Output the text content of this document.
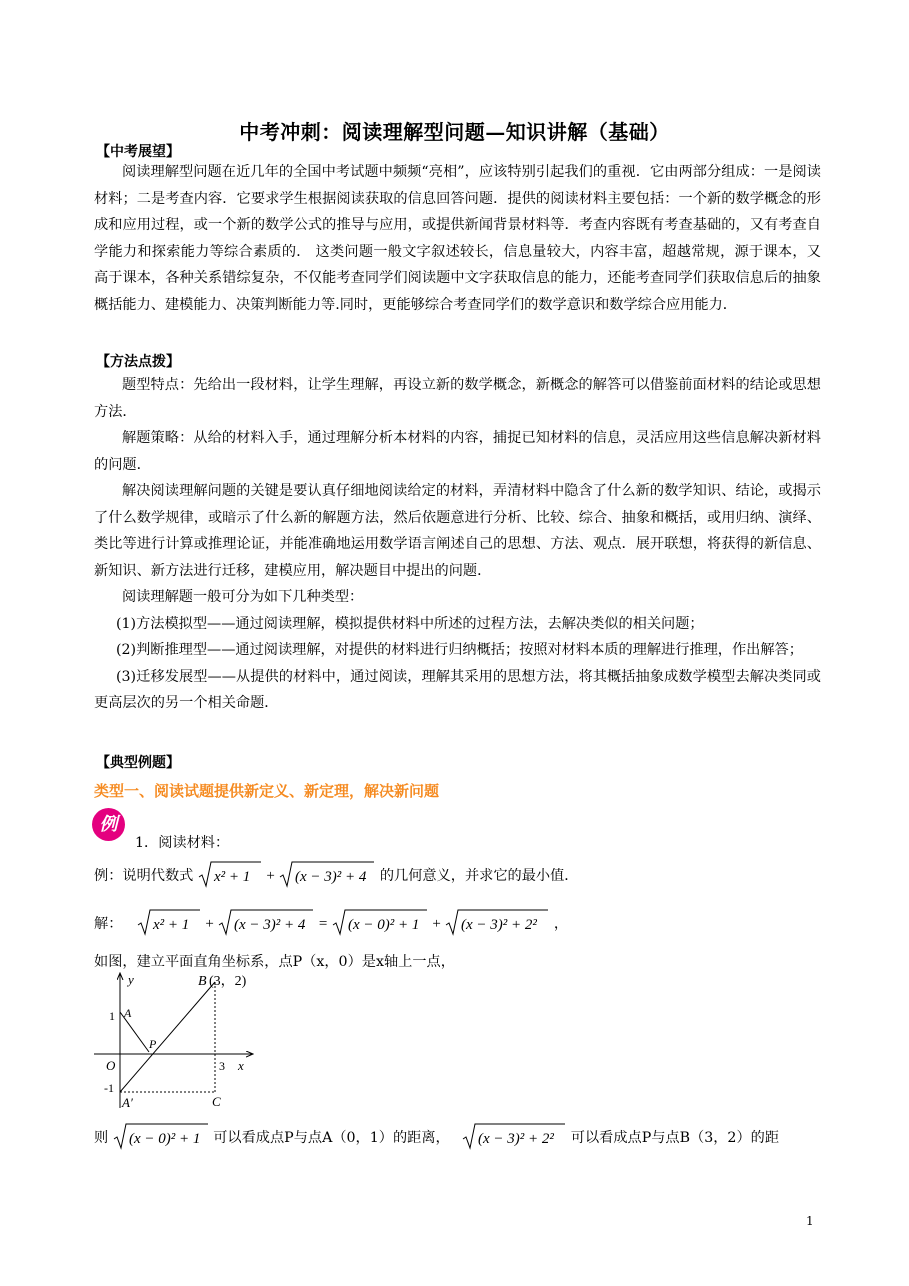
中考冲刺：阅读理解型问题—知识讲解（基础）
【中考展望】

阅读理解型问题在近几年的全国中考试题中频频“亮相”，应该特别引起我们的重视．它由两部分组成：一是阅读材料；二是考查内容．它要求学生根据阅读获取的信息回答问题．提供的阅读材料主要包括：一个新的数学概念的形成和应用过程，或一个新的数学公式的推导与应用，或提供新闻背景材料等．考查内容既有考查基础的，又有考查自学能力和探索能力等综合素质的． 这类问题一般文字叙述较长，信息量较大，内容丰富，超越常规，源于课本，又高于课本，各种关系错综复杂，不仅能考查同学们阅读题中文字获取信息的能力，还能考查同学们获取信息后的抽象概括能力、建模能力、决策判断能力等.同时，更能够综合考查同学们的数学意识和数学综合应用能力．

【方法点拨】

题型特点：先给出一段材料，让学生理解，再设立新的数学概念，新概念的解答可以借鉴前面材料的结论或思想方法．

解题策略：从给的材料入手，通过理解分析本材料的内容，捕捉已知材料的信息，灵活应用这些信息解决新材料的问题．

解决阅读理解问题的关键是要认真仔细地阅读给定的材料，弄清材料中隐含了什么新的数学知识、结论，或揭示了什么数学规律，或暗示了什么新的解题方法，然后依题意进行分析、比较、综合、抽象和概括，或用归纳、演绎、类比等进行计算或推理论证，并能准确地运用数学语言阐述自己的思想、方法、观点．展开联想，将获得的新信息、新知识、新方法进行迁移，建模应用，解决题目中提出的问题．

阅读理解题一般可分为如下几种类型：

(1)方法模拟型——通过阅读理解，模拟提供材料中所述的过程方法，去解决类似的相关问题；

(2)判断推理型——通过阅读理解，对提供的材料进行归纳概括；按照对材料本质的理解进行推理，作出解答；

(3)迁移发展型——从提供的材料中，通过阅读，理解其采用的思想方法，将其概括抽象成数学模型去解决类同或更高层次的另一个相关命题．

【典型例题】
类型一、阅读试题提供新定义、新定理，解决新问题
例
1．阅读材料：
例：说明代数式 x² + 1 + (x − 3)² + 4 的几何意义，并求它的最小值．
解： x² + 1 + (x − 3)² + 4 = (x − 0)² + 1 + (x − 3)² + 2² ，
如图，建立平面直角坐标系，点P（x，0）是x轴上一点，
y
x
O
A
P
B (3，2)
C
A′
1
-1
3
则 (x − 0)² + 1 可以看成点P与点A（0，1）的距离， (x − 3)² + 2² 可以看成点P与点B（3，2）的距
1
